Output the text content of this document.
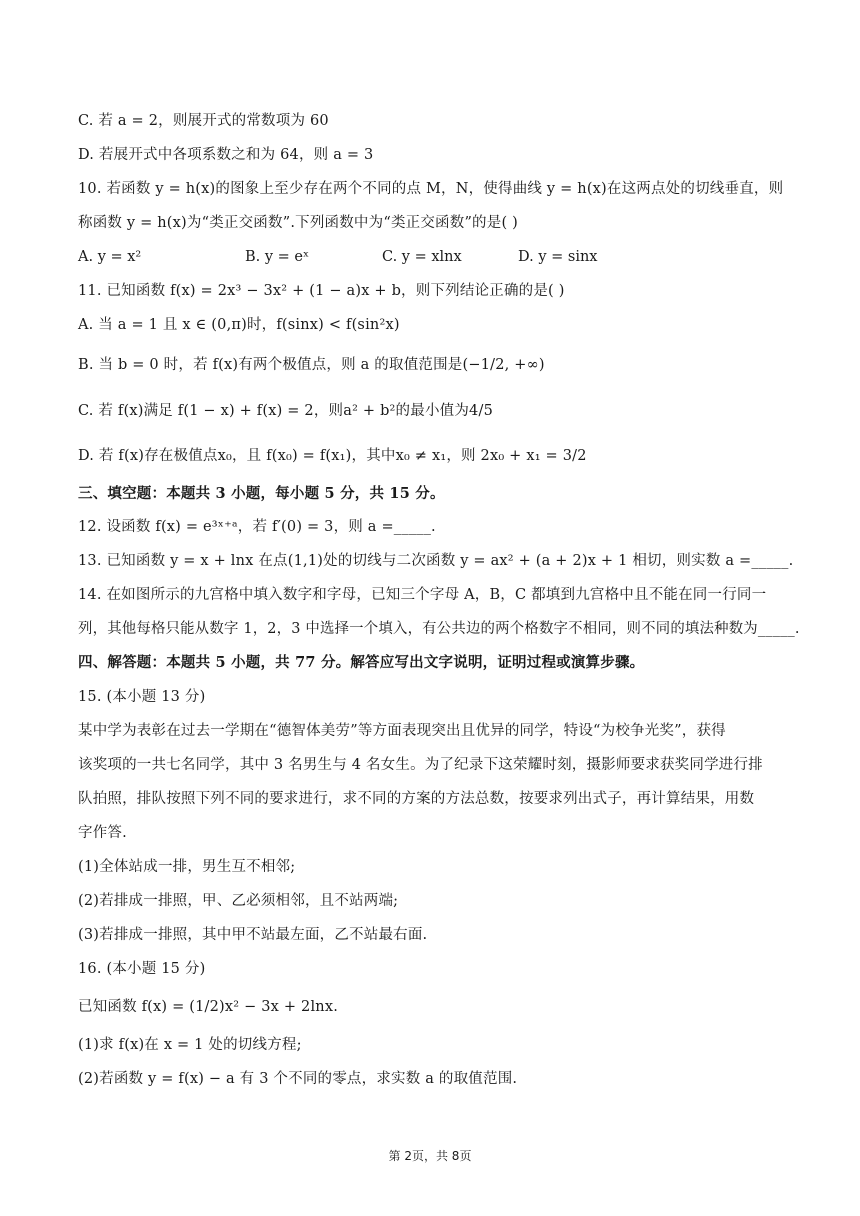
C. 若 a = 2，则展开式的常数项为 60
D. 若展开式中各项系数之和为 64，则 a = 3
10. 若函数 y = h(x)的图象上至少存在两个不同的点 M，N，使得曲线 y = h(x)在这两点处的切线垂直，则
称函数 y = h(x)为“类正交函数”.下列函数中为“类正交函数”的是( )
A. y = x²	B. y = eˣ	C. y = xlnx	D. y = sinx
11. 已知函数 f(x) = 2x³ − 3x² + (1 − a)x + b，则下列结论正确的是( )
A. 当 a = 1 且 x ∈ (0,π)时，f(sinx) < f(sin²x)
B. 当 b = 0 时，若 f(x)有两个极值点，则 a 的取值范围是(−1/2, +∞)
C. 若 f(x)满足 f(1 − x) + f(x) = 2，则a² + b²的最小值为4/5
D. 若 f(x)存在极值点x₀，且 f(x₀) = f(x₁)，其中x₀ ≠ x₁，则 2x₀ + x₁ = 3/2
三、填空题：本题共 3 小题，每小题 5 分，共 15 分。
12. 设函数 f(x) = e³ˣ⁺ᵃ，若 f′(0) = 3，则 a =_____.
13. 已知函数 y = x + lnx 在点(1,1)处的切线与二次函数 y = ax² + (a + 2)x + 1 相切，则实数 a =_____.
14. 在如图所示的九宫格中填入数字和字母，已知三个字母 A，B，C 都填到九宫格中且不能在同一行同一
列，其他每格只能从数字 1，2，3 中选择一个填入，有公共边的两个格数字不相同，则不同的填法种数为_____.
四、解答题：本题共 5 小题，共 77 分。解答应写出文字说明，证明过程或演算步骤。
15. (本小题 13 分)
某中学为表彰在过去一学期在“德智体美劳”等方面表现突出且优异的同学，特设“为校争光奖”，获得
该奖项的一共七名同学，其中 3 名男生与 4 名女生。为了纪录下这荣耀时刻，摄影师要求获奖同学进行排
队拍照，排队按照下列不同的要求进行，求不同的方案的方法总数，按要求列出式子，再计算结果，用数
字作答.
(1)全体站成一排，男生互不相邻;
(2)若排成一排照，甲、乙必须相邻，且不站两端;
(3)若排成一排照，其中甲不站最左面，乙不站最右面.
16. (本小题 15 分)
已知函数 f(x) = (1/2)x² − 3x + 2lnx.
(1)求 f(x)在 x = 1 处的切线方程;
(2)若函数 y = f(x) − a 有 3 个不同的零点，求实数 a 的取值范围.
第 2页，共 8页
